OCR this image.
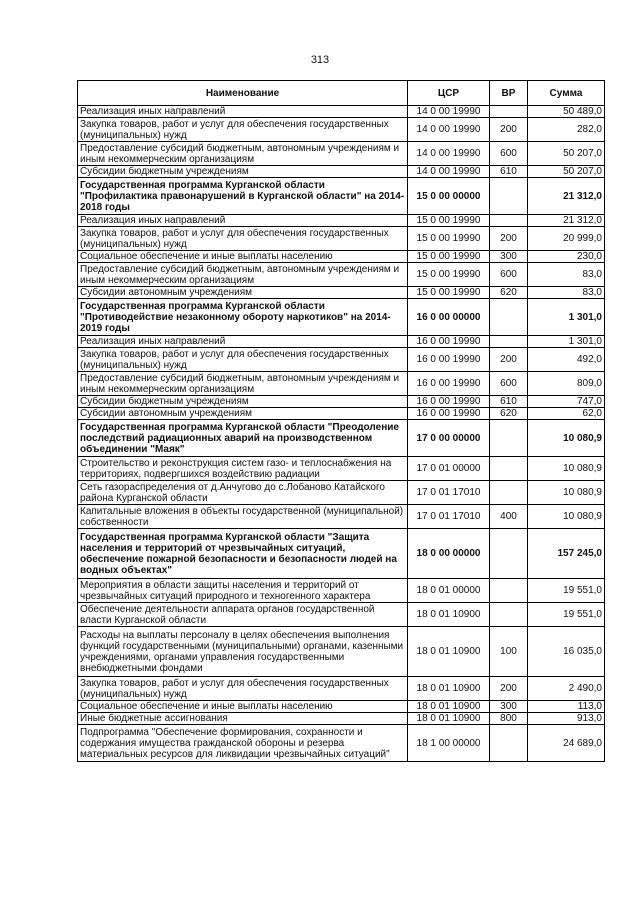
313
Наименование	ЦСР	ВР	Сумма
Реализация иных направлений	14 0 00 19990		50 489,0
Закупка товаров, работ и услуг для обеспечения государственных (муниципальных) нужд	14 0 00 19990	200	282,0
Предоставление субсидий бюджетным, автономным учреждениям и иным некоммерческим организациям	14 0 00 19990	600	50 207,0
Субсидии бюджетным учреждениям	14 0 00 19990	610	50 207,0
Государственная программа Курганской области "Профилактика правонарушений в Курганской области" на 2014-2018 годы	15 0 00 00000		21 312,0
Реализация иных направлений	15 0 00 19990		21 312,0
Закупка товаров, работ и услуг для обеспечения государственных (муниципальных) нужд	15 0 00 19990	200	20 999,0
Социальное обеспечение и иные выплаты населению	15 0 00 19990	300	230,0
Предоставление субсидий бюджетным, автономным учреждениям и иным некоммерческим организациям	15 0 00 19990	600	83,0
Субсидии автономным учреждениям	15 0 00 19990	620	83,0
Государственная программа Курганской области "Противодействие незаконному обороту наркотиков" на 2014-2019 годы	16 0 00 00000		1 301,0
Реализация иных направлений	16 0 00 19990		1 301,0
Закупка товаров, работ и услуг для обеспечения государственных (муниципальных) нужд	16 0 00 19990	200	492,0
Предоставление субсидий бюджетным, автономным учреждениям и иным некоммерческим организациям	16 0 00 19990	600	809,0
Субсидии бюджетным учреждениям	16 0 00 19990	610	747,0
Субсидии автономным учреждениям	16 0 00 19990	620	62,0
Государственная программа Курганской области "Преодоление последствий радиационных аварий на производственном объединении "Маяк"	17 0 00 00000		10 080,9
Строительство и реконструкция систем газо- и теплоснабжения на территориях, подвергшихся воздействию радиации	17 0 01 00000		10 080,9
Сеть газораспределения от д.Анчугово до с.Лобаново Катайского района Курганской области	17 0 01 17010		10 080,9
Капитальные вложения в объекты государственной (муниципальной) собственности	17 0 01 17010	400	10 080,9
Государственная программа Курганской области "Защита населения и территорий от чрезвычайных ситуаций, обеспечение пожарной безопасности и безопасности людей на водных объектах"	18 0 00 00000		157 245,0
Мероприятия в области защиты населения и территорий от чрезвычайных ситуаций природного и техногенного характера	18 0 01 00000		19 551,0
Обеспечение деятельности аппарата органов государственной власти Курганской области	18 0 01 10900		19 551,0
Расходы на выплаты персоналу в целях обеспечения выполнения функций государственными (муниципальными) органами, казенными учреждениями, органами управления государственными внебюджетными фондами	18 0 01 10900	100	16 035,0
Закупка товаров, работ и услуг для обеспечения государственных (муниципальных) нужд	18 0 01 10900	200	2 490,0
Социальное обеспечение и иные выплаты населению	18 0 01 10900	300	113,0
Иные бюджетные ассигнования	18 0 01 10900	800	913,0
Подпрограмма "Обеспечение формирования, сохранности и содержания имущества гражданской обороны и резерва материальных ресурсов для ликвидации чрезвычайных ситуаций"	18 1 00 00000		24 689,0
